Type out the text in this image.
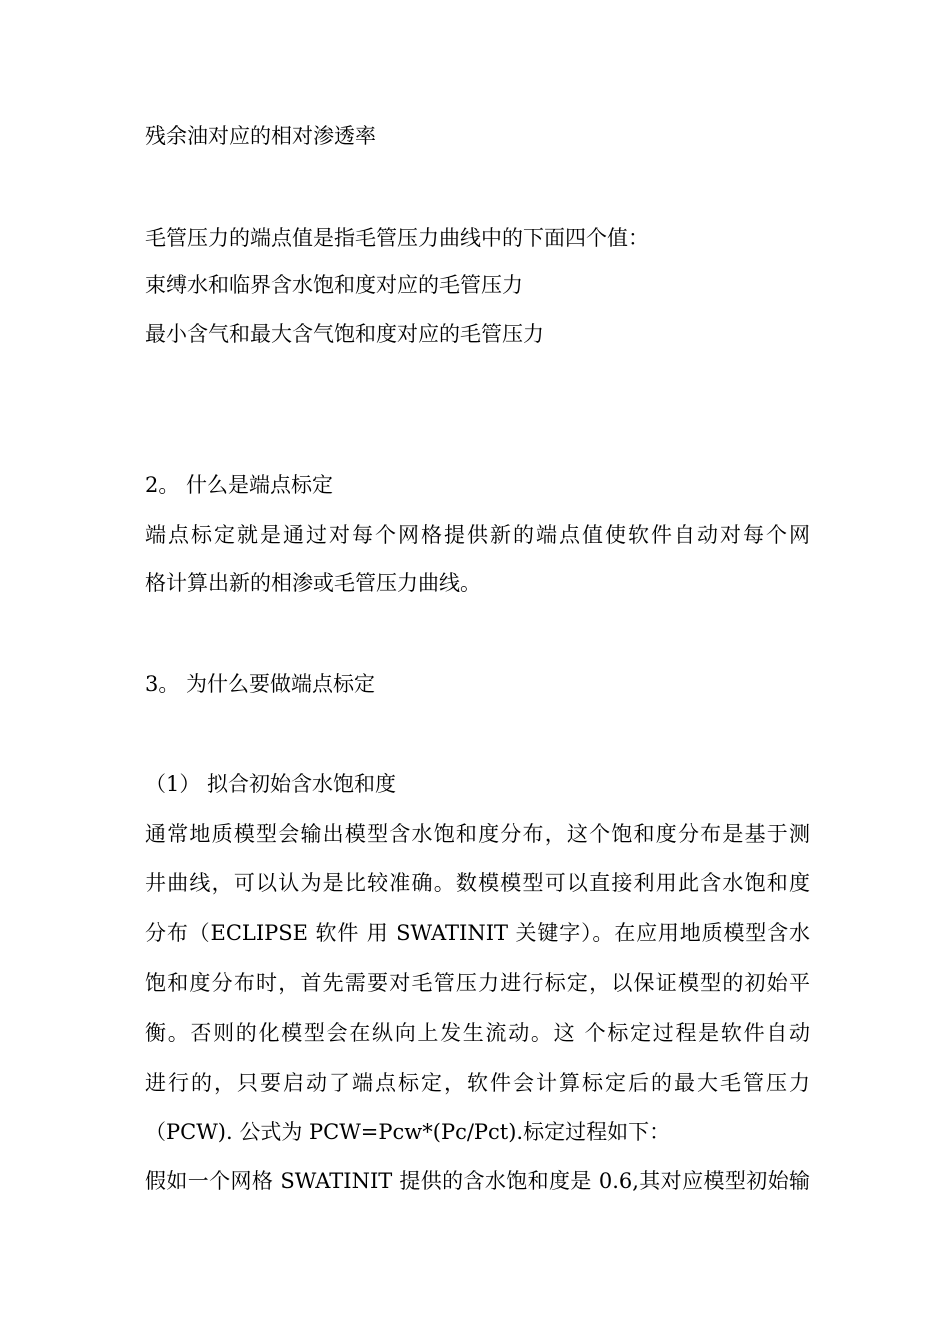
残余油对应的相对渗透率
毛管压力的端点值是指毛管压力曲线中的下面四个值：
束缚水和临界含水饱和度对应的毛管压力
最小含气和最大含气饱和度对应的毛管压力
2。 什么是端点标定
端点标定就是通过对每个网格提供新的端点值使软件自动对每个网
格计算出新的相渗或毛管压力曲线。
3。 为什么要做端点标定
（1） 拟合初始含水饱和度
通常地质模型会输出模型含水饱和度分布，这个饱和度分布是基于测
井曲线，可以认为是比较准确。数模模型可以直接利用此含水饱和度
分布（ECLIPSE 软件 用 SWATINIT 关键字）。在应用地质模型含水
饱和度分布时，首先需要对毛管压力进行标定，以保证模型的初始平
衡。否则的化模型会在纵向上发生流动。这 个标定过程是软件自动
进行的，只要启动了端点标定，软件会计算标定后的最大毛管压力
（PCW). 公式为 PCW=Pcw*(Pc/Pct).标定过程如下：
假如一个网格 SWATINIT 提供的含水饱和度是 0.6,其对应模型初始输
